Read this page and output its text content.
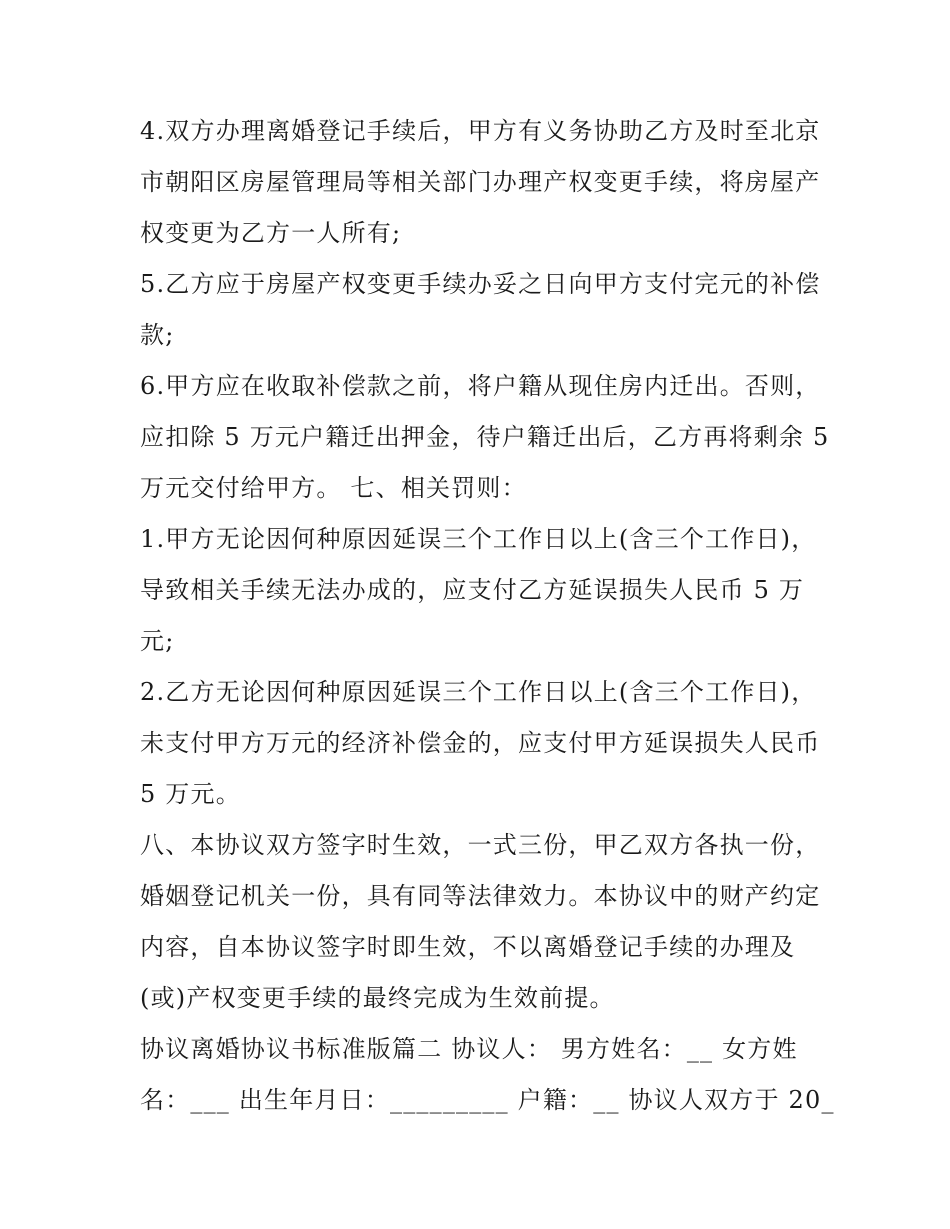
4.双方办理离婚登记手续后，甲方有义务协助乙方及时至北京
市朝阳区房屋管理局等相关部门办理产权变更手续，将房屋产
权变更为乙方一人所有;
5.乙方应于房屋产权变更手续办妥之日向甲方支付完元的补偿
款;
6.甲方应在收取补偿款之前，将户籍从现住房内迁出。否则，
应扣除 5 万元户籍迁出押金，待户籍迁出后，乙方再将剩余 5
万元交付给甲方。 七、相关罚则：
1.甲方无论因何种原因延误三个工作日以上(含三个工作日)，
导致相关手续无法办成的，应支付乙方延误损失人民币 5 万
元;
2.乙方无论因何种原因延误三个工作日以上(含三个工作日)，
未支付甲方万元的经济补偿金的，应支付甲方延误损失人民币
5 万元。
八、本协议双方签字时生效，一式三份，甲乙双方各执一份，
婚姻登记机关一份，具有同等法律效力。本协议中的财产约定
内容，自本协议签字时即生效，不以离婚登记手续的办理及
(或)产权变更手续的最终完成为生效前提。
协议离婚协议书标准版篇二 协议人： 男方姓名：__ 女方姓
名：___ 出生年月日：_________ 户籍：__ 协议人双方于 20_
